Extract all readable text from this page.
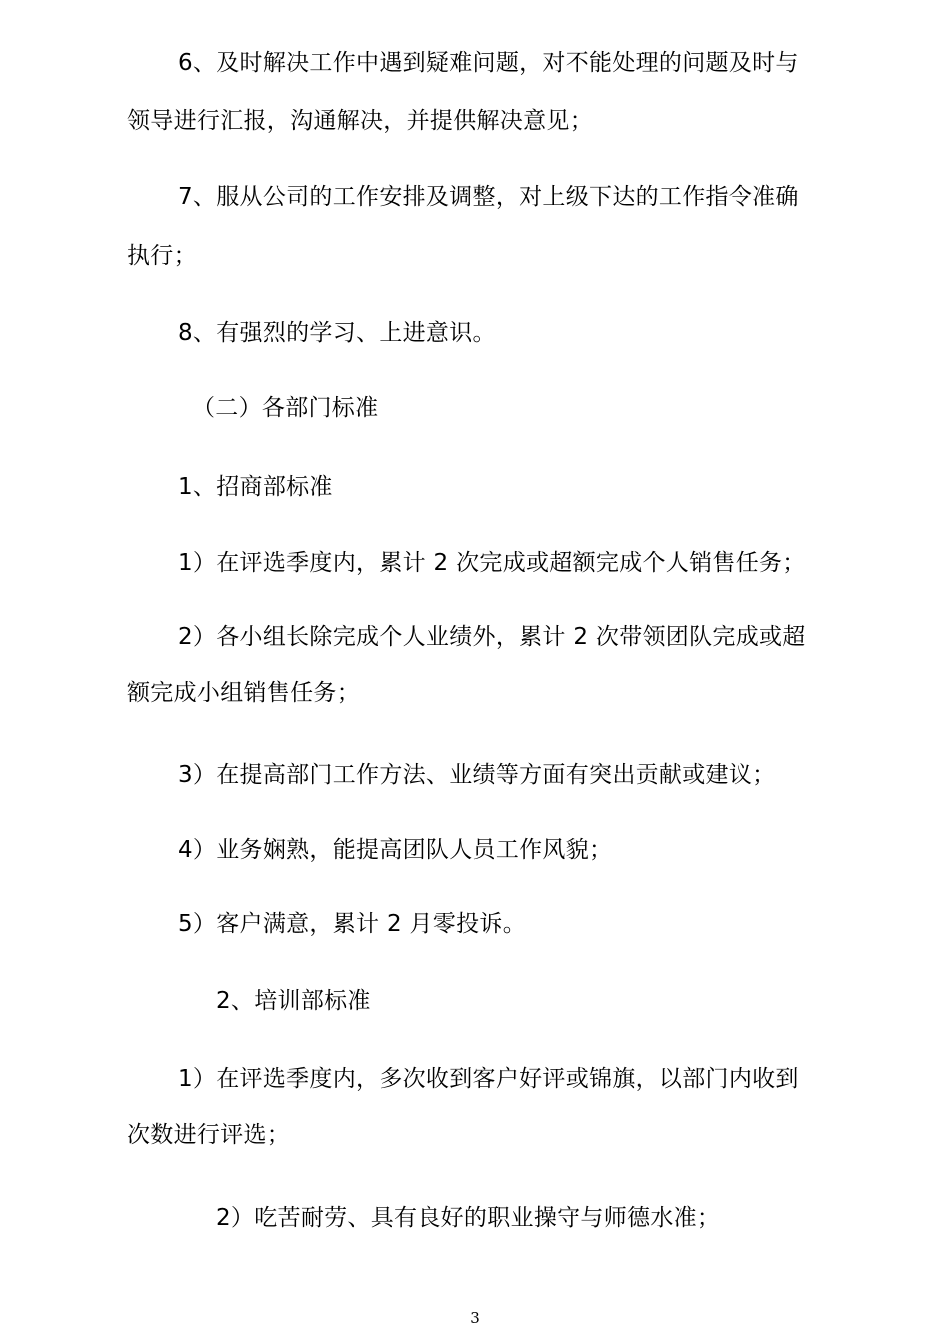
6、及时解决工作中遇到疑难问题，对不能处理的问题及时与
领导进行汇报，沟通解决，并提供解决意见；
7、服从公司的工作安排及调整，对上级下达的工作指令准确
执行；
8、有强烈的学习、上进意识。
（二）各部门标准
1、招商部标准
1）在评选季度内，累计 2 次完成或超额完成个人销售任务；
2）各小组长除完成个人业绩外，累计 2 次带领团队完成或超
额完成小组销售任务；
3）在提高部门工作方法、业绩等方面有突出贡献或建议；
4）业务娴熟，能提高团队人员工作风貌；
5）客户满意，累计 2 月零投诉。
2、培训部标准
1）在评选季度内，多次收到客户好评或锦旗，以部门内收到
次数进行评选；
2）吃苦耐劳、具有良好的职业操守与师德水准；
3
